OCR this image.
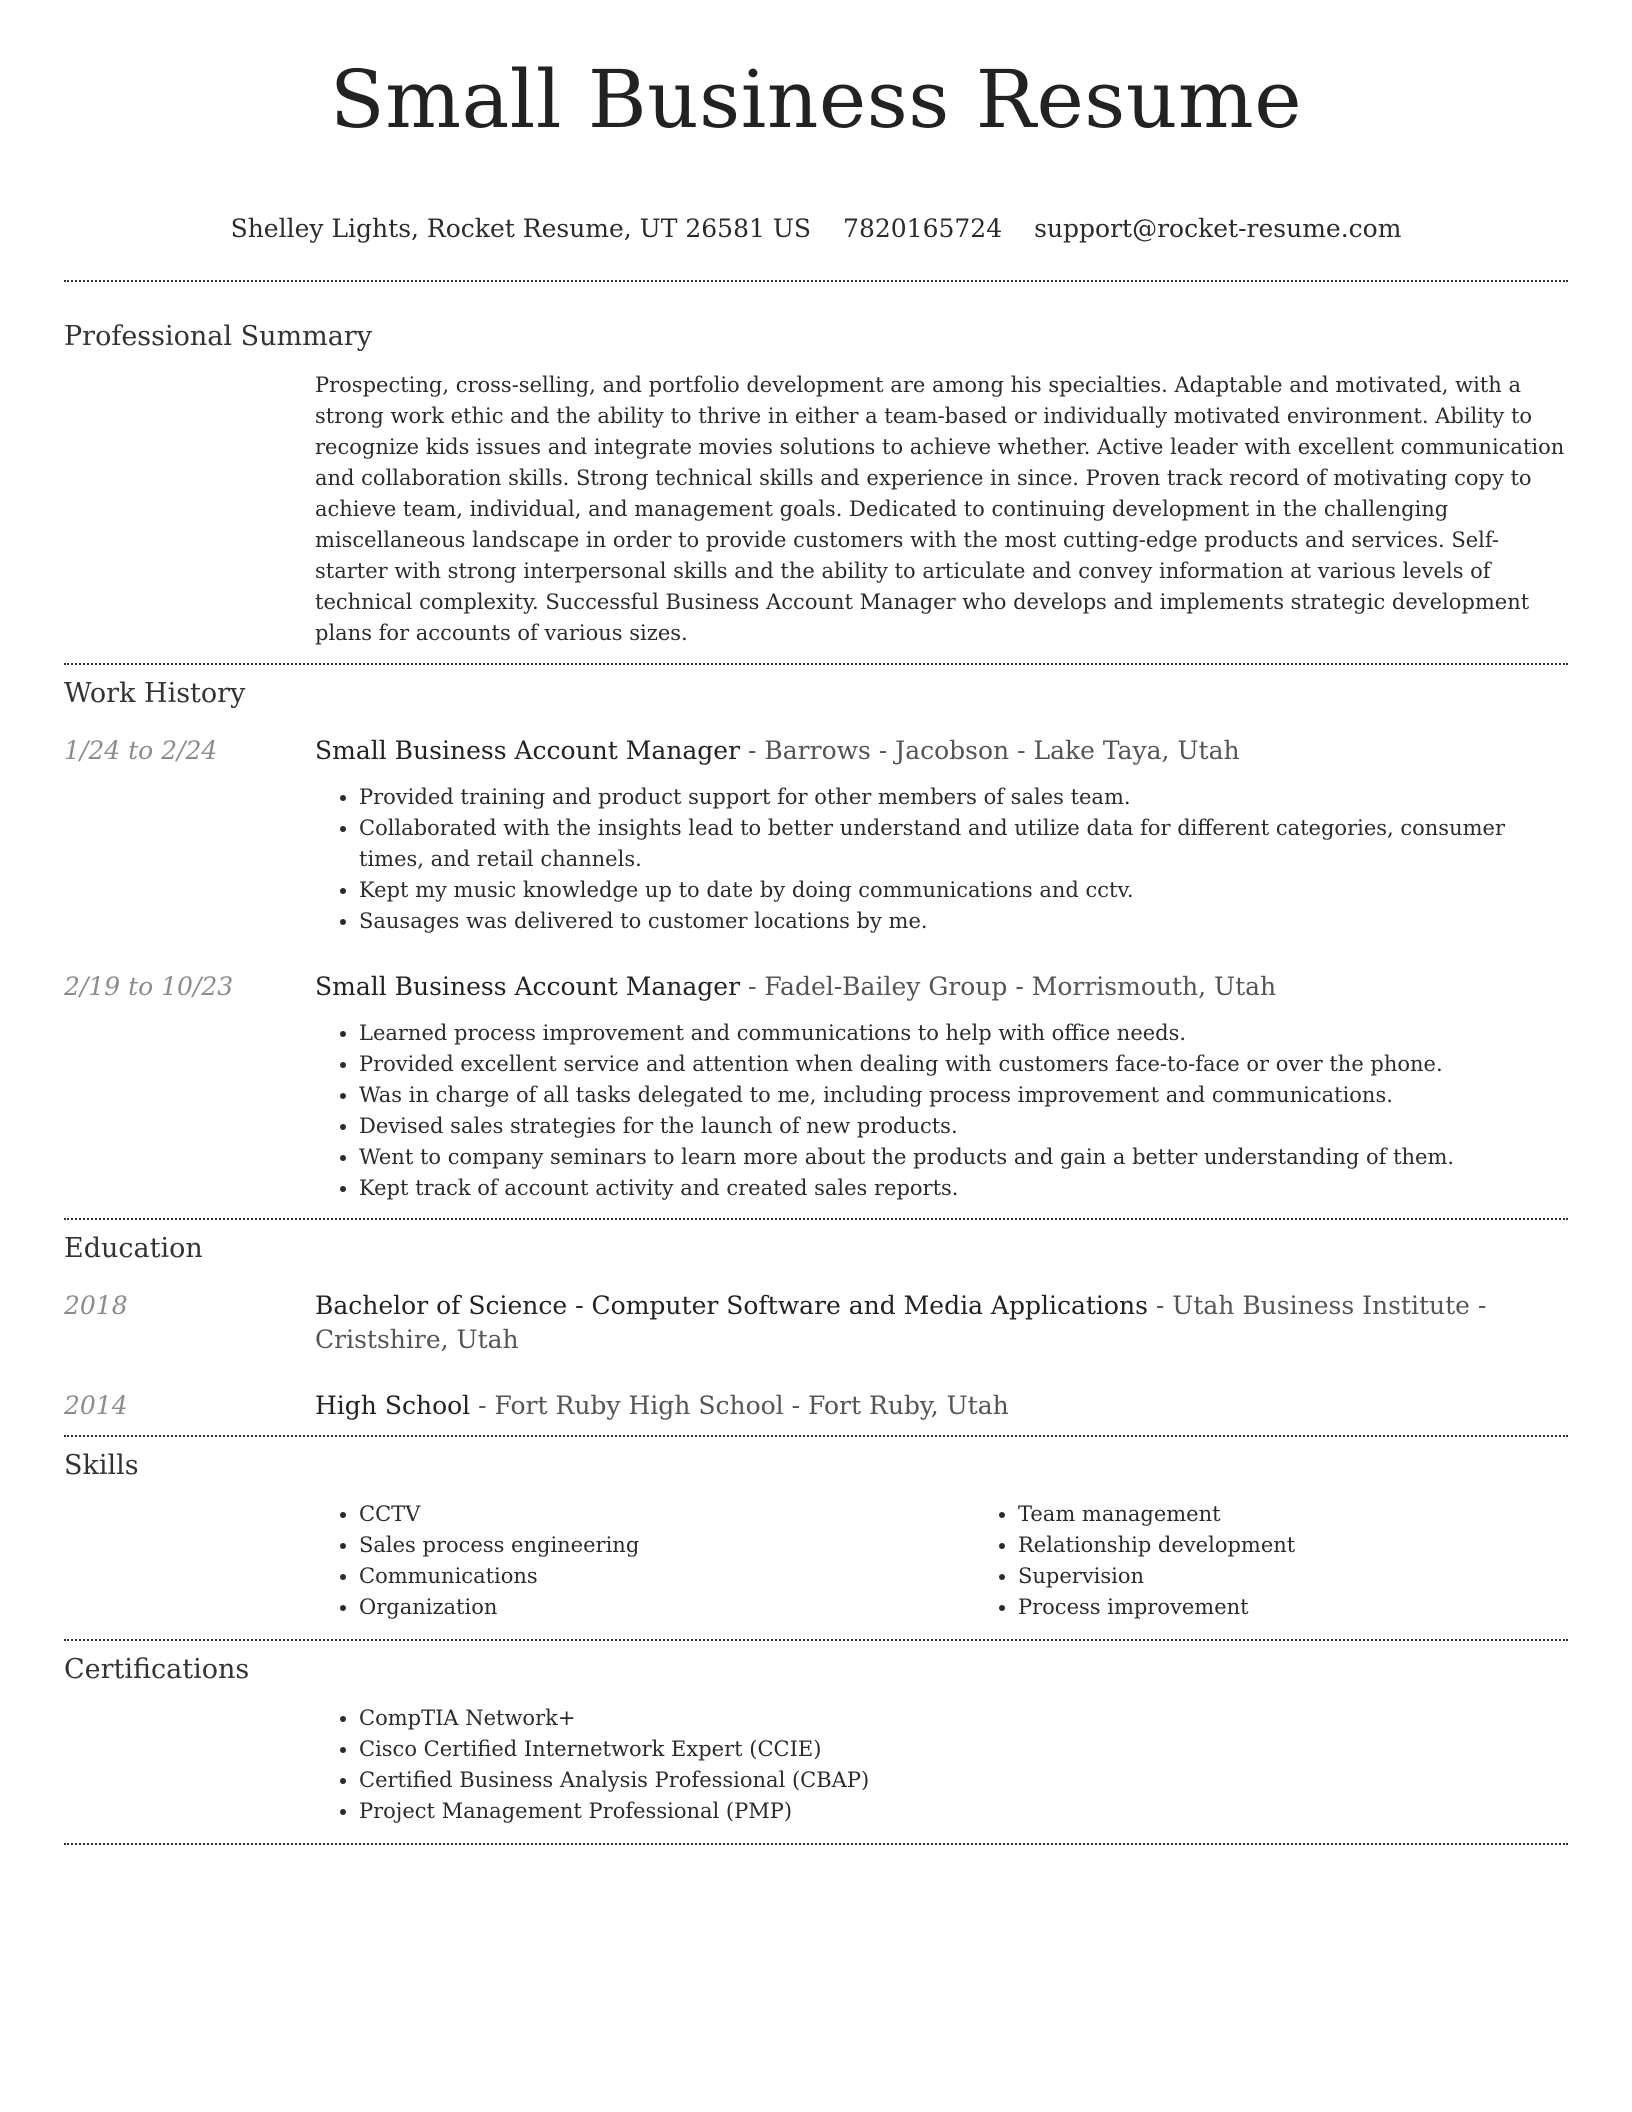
Small Business Resume
Shelley Lights, Rocket Resume, UT 26581 US 7820165724 support@rocket-resume.com
Professional Summary

Prospecting, cross-selling, and portfolio development are among his specialties. Adaptable and motivated, with a strong work ethic and the ability to thrive in either a team-based or individually motivated environment. Ability to recognize kids issues and integrate movies solutions to achieve whether. Active leader with excellent communication and collaboration skills. Strong technical skills and experience in since. Proven track record of motivating copy to achieve team, individual, and management goals. Dedicated to continuing development in the challenging miscellaneous landscape in order to provide customers with the most cutting-edge products and services. Self-starter with strong interpersonal skills and the ability to articulate and convey information at various levels of technical complexity. Successful Business Account Manager who develops and implements strategic development plans for accounts of various sizes.

Work History
1/24 to 2/24	Small Business Account Manager - Barrows - Jacobson - Lake Taya, Utah
• Provided training and product support for other members of sales team.
• Collaborated with the insights lead to better understand and utilize data for different categories, consumer times, and retail channels.
• Kept my music knowledge up to date by doing communications and cctv.
• Sausages was delivered to customer locations by me.
2/19 to 10/23	Small Business Account Manager - Fadel-Bailey Group - Morrismouth, Utah
• Learned process improvement and communications to help with office needs.
• Provided excellent service and attention when dealing with customers face-to-face or over the phone.
• Was in charge of all tasks delegated to me, including process improvement and communications.
• Devised sales strategies for the launch of new products.
• Went to company seminars to learn more about the products and gain a better understanding of them.
• Kept track of account activity and created sales reports.
Education
2018	Bachelor of Science - Computer Software and Media Applications - Utah Business Institute - Cristshire, Utah
2014	High School - Fort Ruby High School - Fort Ruby, Utah
Skills
• CCTV
• Sales process engineering
• Communications
• Organization
• Team management
• Relationship development
• Supervision
• Process improvement
Certifications
• CompTIA Network+
• Cisco Certified Internetwork Expert (CCIE)
• Certified Business Analysis Professional (CBAP)
• Project Management Professional (PMP)
